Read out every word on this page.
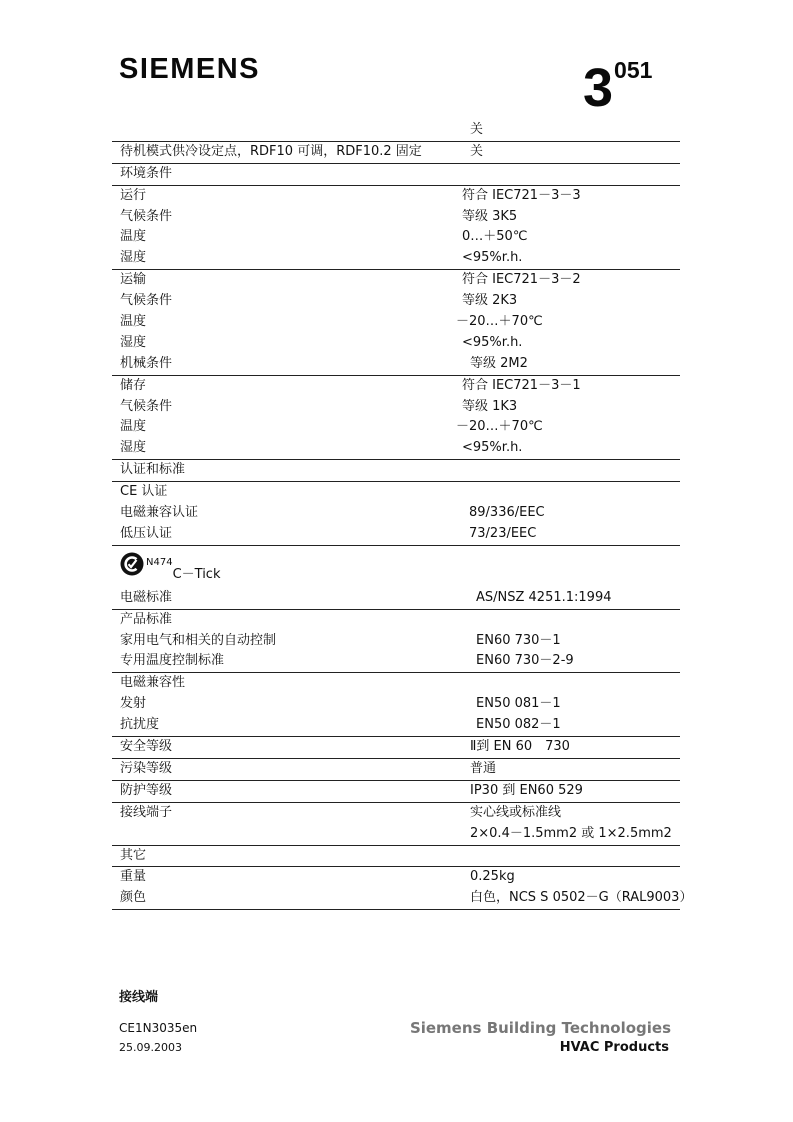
SIEMENS	3051
关
待机模式供冷设定点，RDF10 可调，RDF10.2 固定	关
环境条件
运行	符合 IEC721－3－3
气候条件	等级 3K5
温度	0…＋50℃
湿度	<95%r.h.
运输	符合 IEC721－3－2
气候条件	等级 2K3
温度	－20…＋70℃
湿度	<95%r.h.
机械条件	等级 2M2
储存	符合 IEC721－3－1
气候条件	等级 1K3
温度	－20…＋70℃
湿度	<95%r.h.
认证和标准
CE 认证
电磁兼容认证	89/336/EEC
低压认证	73/23/EEC
N474
C－Tick
电磁标准	AS/NSZ 4251.1:1994
产品标准
家用电气和相关的自动控制	EN60 730－1
专用温度控制标准	EN60 730－2-9
电磁兼容性
发射	EN50 081－1
抗扰度	EN50 082－1
安全等级	Ⅱ到 EN 60　730
污染等级	普通
防护等级	IP30 到 EN60 529
接线端子	实心线或标准线
2×0.4－1.5mm2 或 1×2.5mm2
其它
重量	0.25kg
颜色	白色，NCS S 0502－G（RAL9003）
接线端
CE1N3035en
25.09.2003
Siemens Building Technologies
HVAC Products
